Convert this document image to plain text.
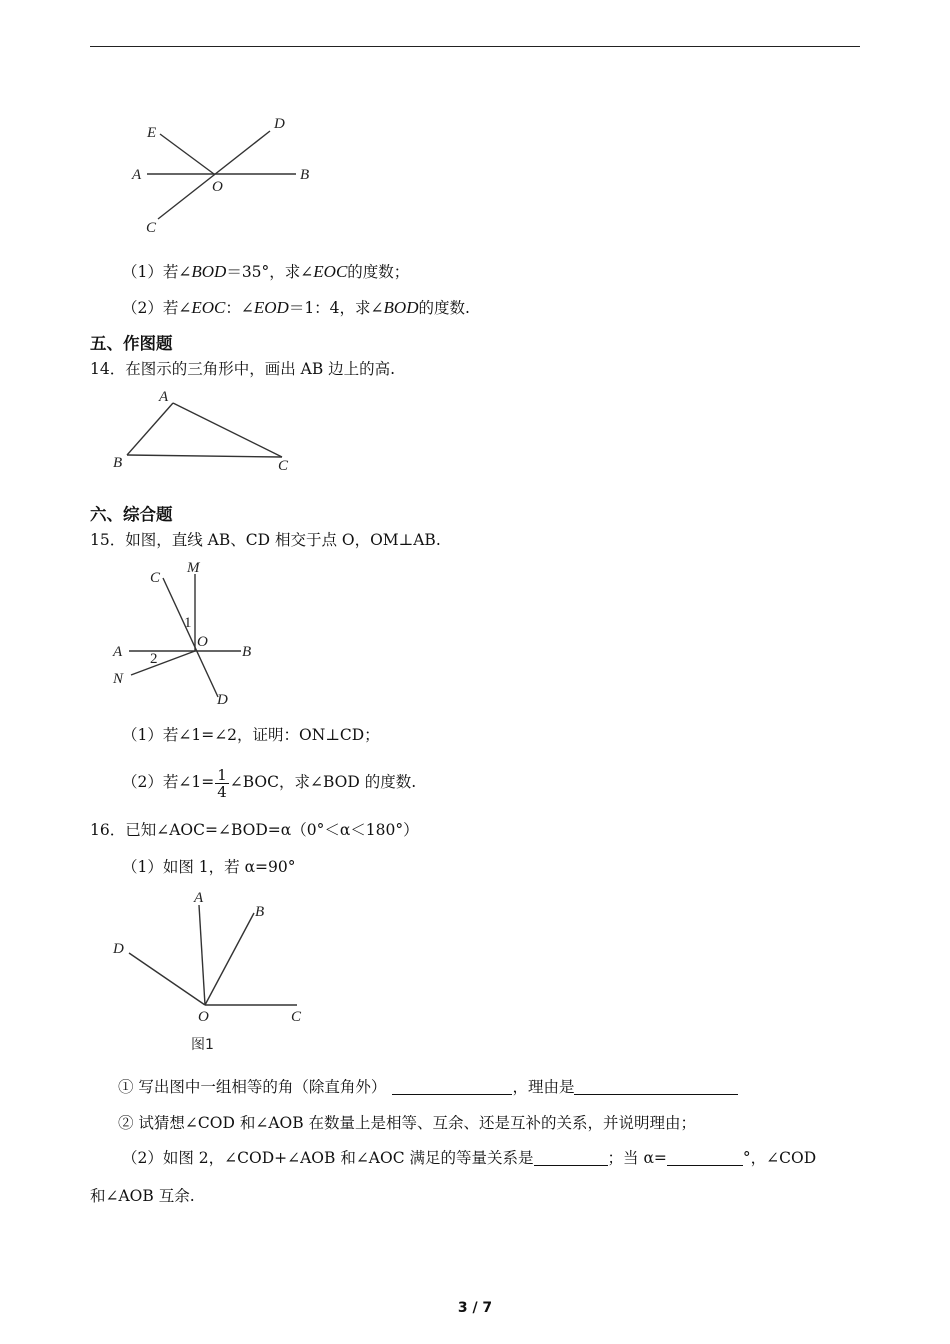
E
D
A
O
B
C
（1）若∠BOD＝35°，求∠EOC的度数；
（2）若∠EOC：∠EOD＝1：4，求∠BOD的度数.
五、作图题
14．在图示的三角形中，画出 AB 边上的高.
A
B	C
六、综合题
15．如图，直线 AB、CD 相交于点 O，OM⊥AB.
C
M
1
O
A 2	B
N
D
（1）若∠1=∠2，证明：ON⊥CD；
（2）若∠1= $\frac{1}{4}$ ∠BOC，求∠BOD 的度数.
16．已知∠AOC=∠BOD=α（0°＜α＜180°）
（1）如图 1，若 α=90°
A
B
D
O	C
图1
① 写出图中一组相等的角（除直角外）	，理由是
② 试猜想∠COD 和∠AOB 在数量上是相等、互余、还是互补的关系，并说明理由；
（2）如图 2，∠COD+∠AOB 和∠AOC 满足的等量关系是	；当 α=	°，∠COD
和∠AOB 互余.
3 / 7
